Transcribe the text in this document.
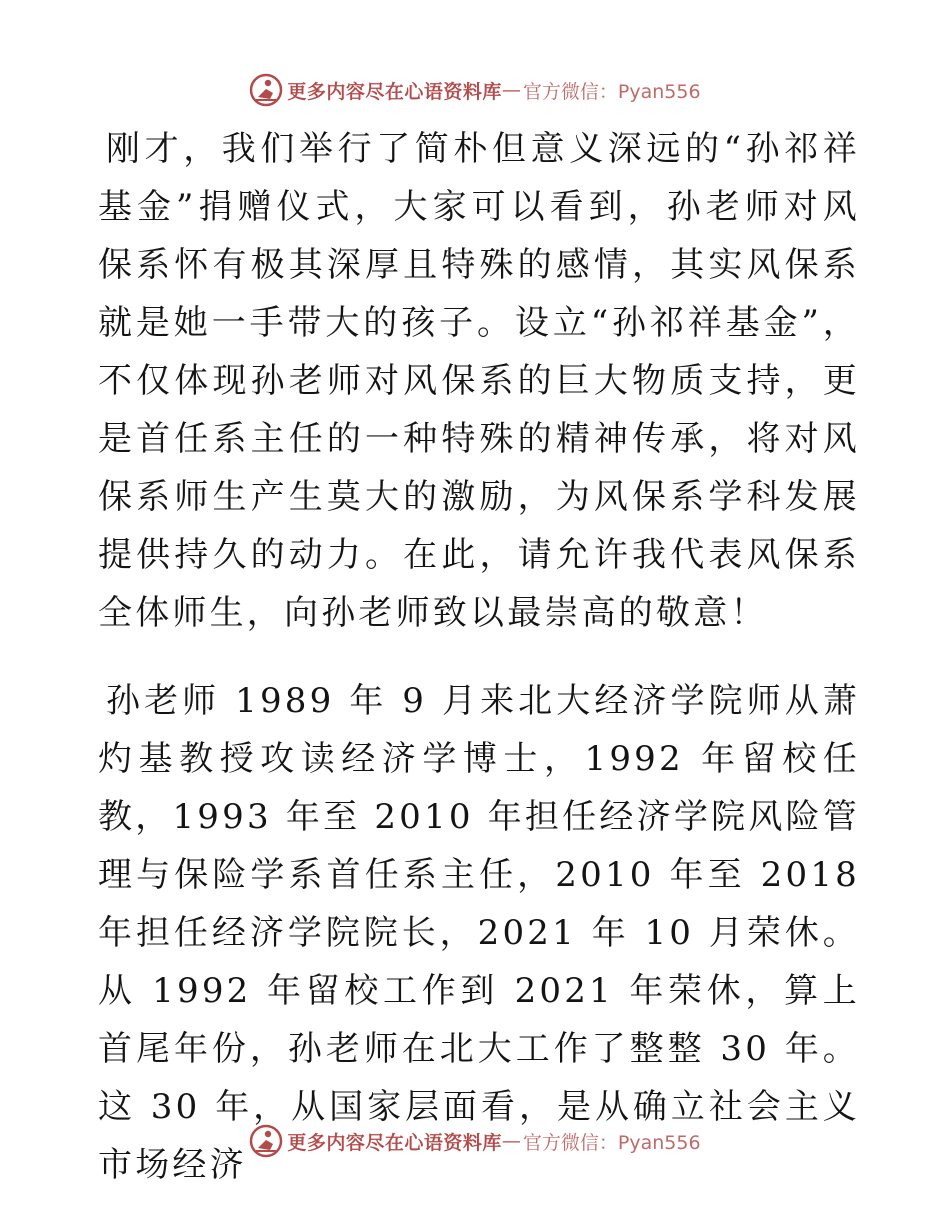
更多内容尽在心语资料库 — 官方微信：Pyan556

刚才，我们举行了简朴但意义深远的“孙祁祥基金”捐赠仪式，大家可以看到，孙老师对风保系怀有极其深厚且特殊的感情，其实风保系就是她一手带大的孩子。设立“孙祁祥基金”，不仅体现孙老师对风保系的巨大物质支持，更是首任系主任的一种特殊的精神传承，将对风保系师生产生莫大的激励，为风保系学科发展提供持久的动力。在此，请允许我代表风保系全体师生，向孙老师致以最崇高的敬意！

孙老师 1989 年 9 月来北大经济学院师从萧灼基教授攻读经济学博士，1992 年留校任教，1993 年至 2010 年担任经济学院风险管理与保险学系首任系主任，2010 年至 2018 年担任经济学院院长，2021 年 10 月荣休。从 1992 年留校工作到 2021 年荣休，算上首尾年份，孙老师在北大工作了整整 30 年。这 30 年，从国家层面看，是从确立社会主义市场经济

更多内容尽在心语资料库 — 官方微信：Pyan556
